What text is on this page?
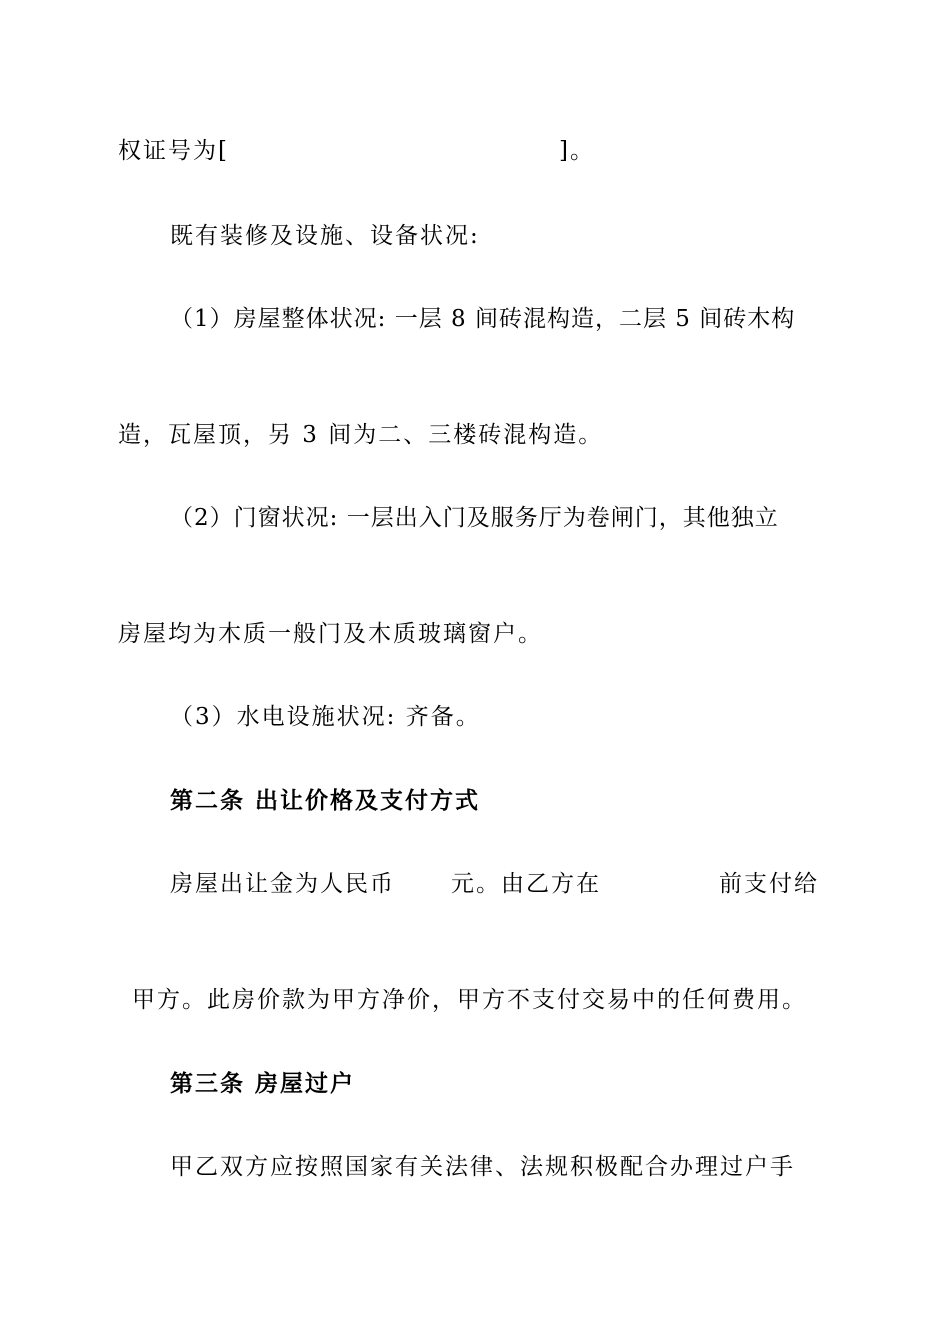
权证号为[	]。
既有装修及设施、设备状况:
（1）房屋整体状况: 一层 8 间砖混构造，二层 5 间砖木构
造，瓦屋顶，另 3 间为二、三楼砖混构造。
（2）门窗状况: 一层出入门及服务厅为卷闸门，其他独立
房屋均为木质一般门及木质玻璃窗户。
（3）水电设施状况: 齐备。
第二条 出让价格及支付方式
房屋出让金为人民币 元。由乙方在	前支付给
甲方。此房价款为甲方净价，甲方不支付交易中的任何费用。
第三条 房屋过户
甲乙双方应按照国家有关法律、法规积极配合办理过户手
